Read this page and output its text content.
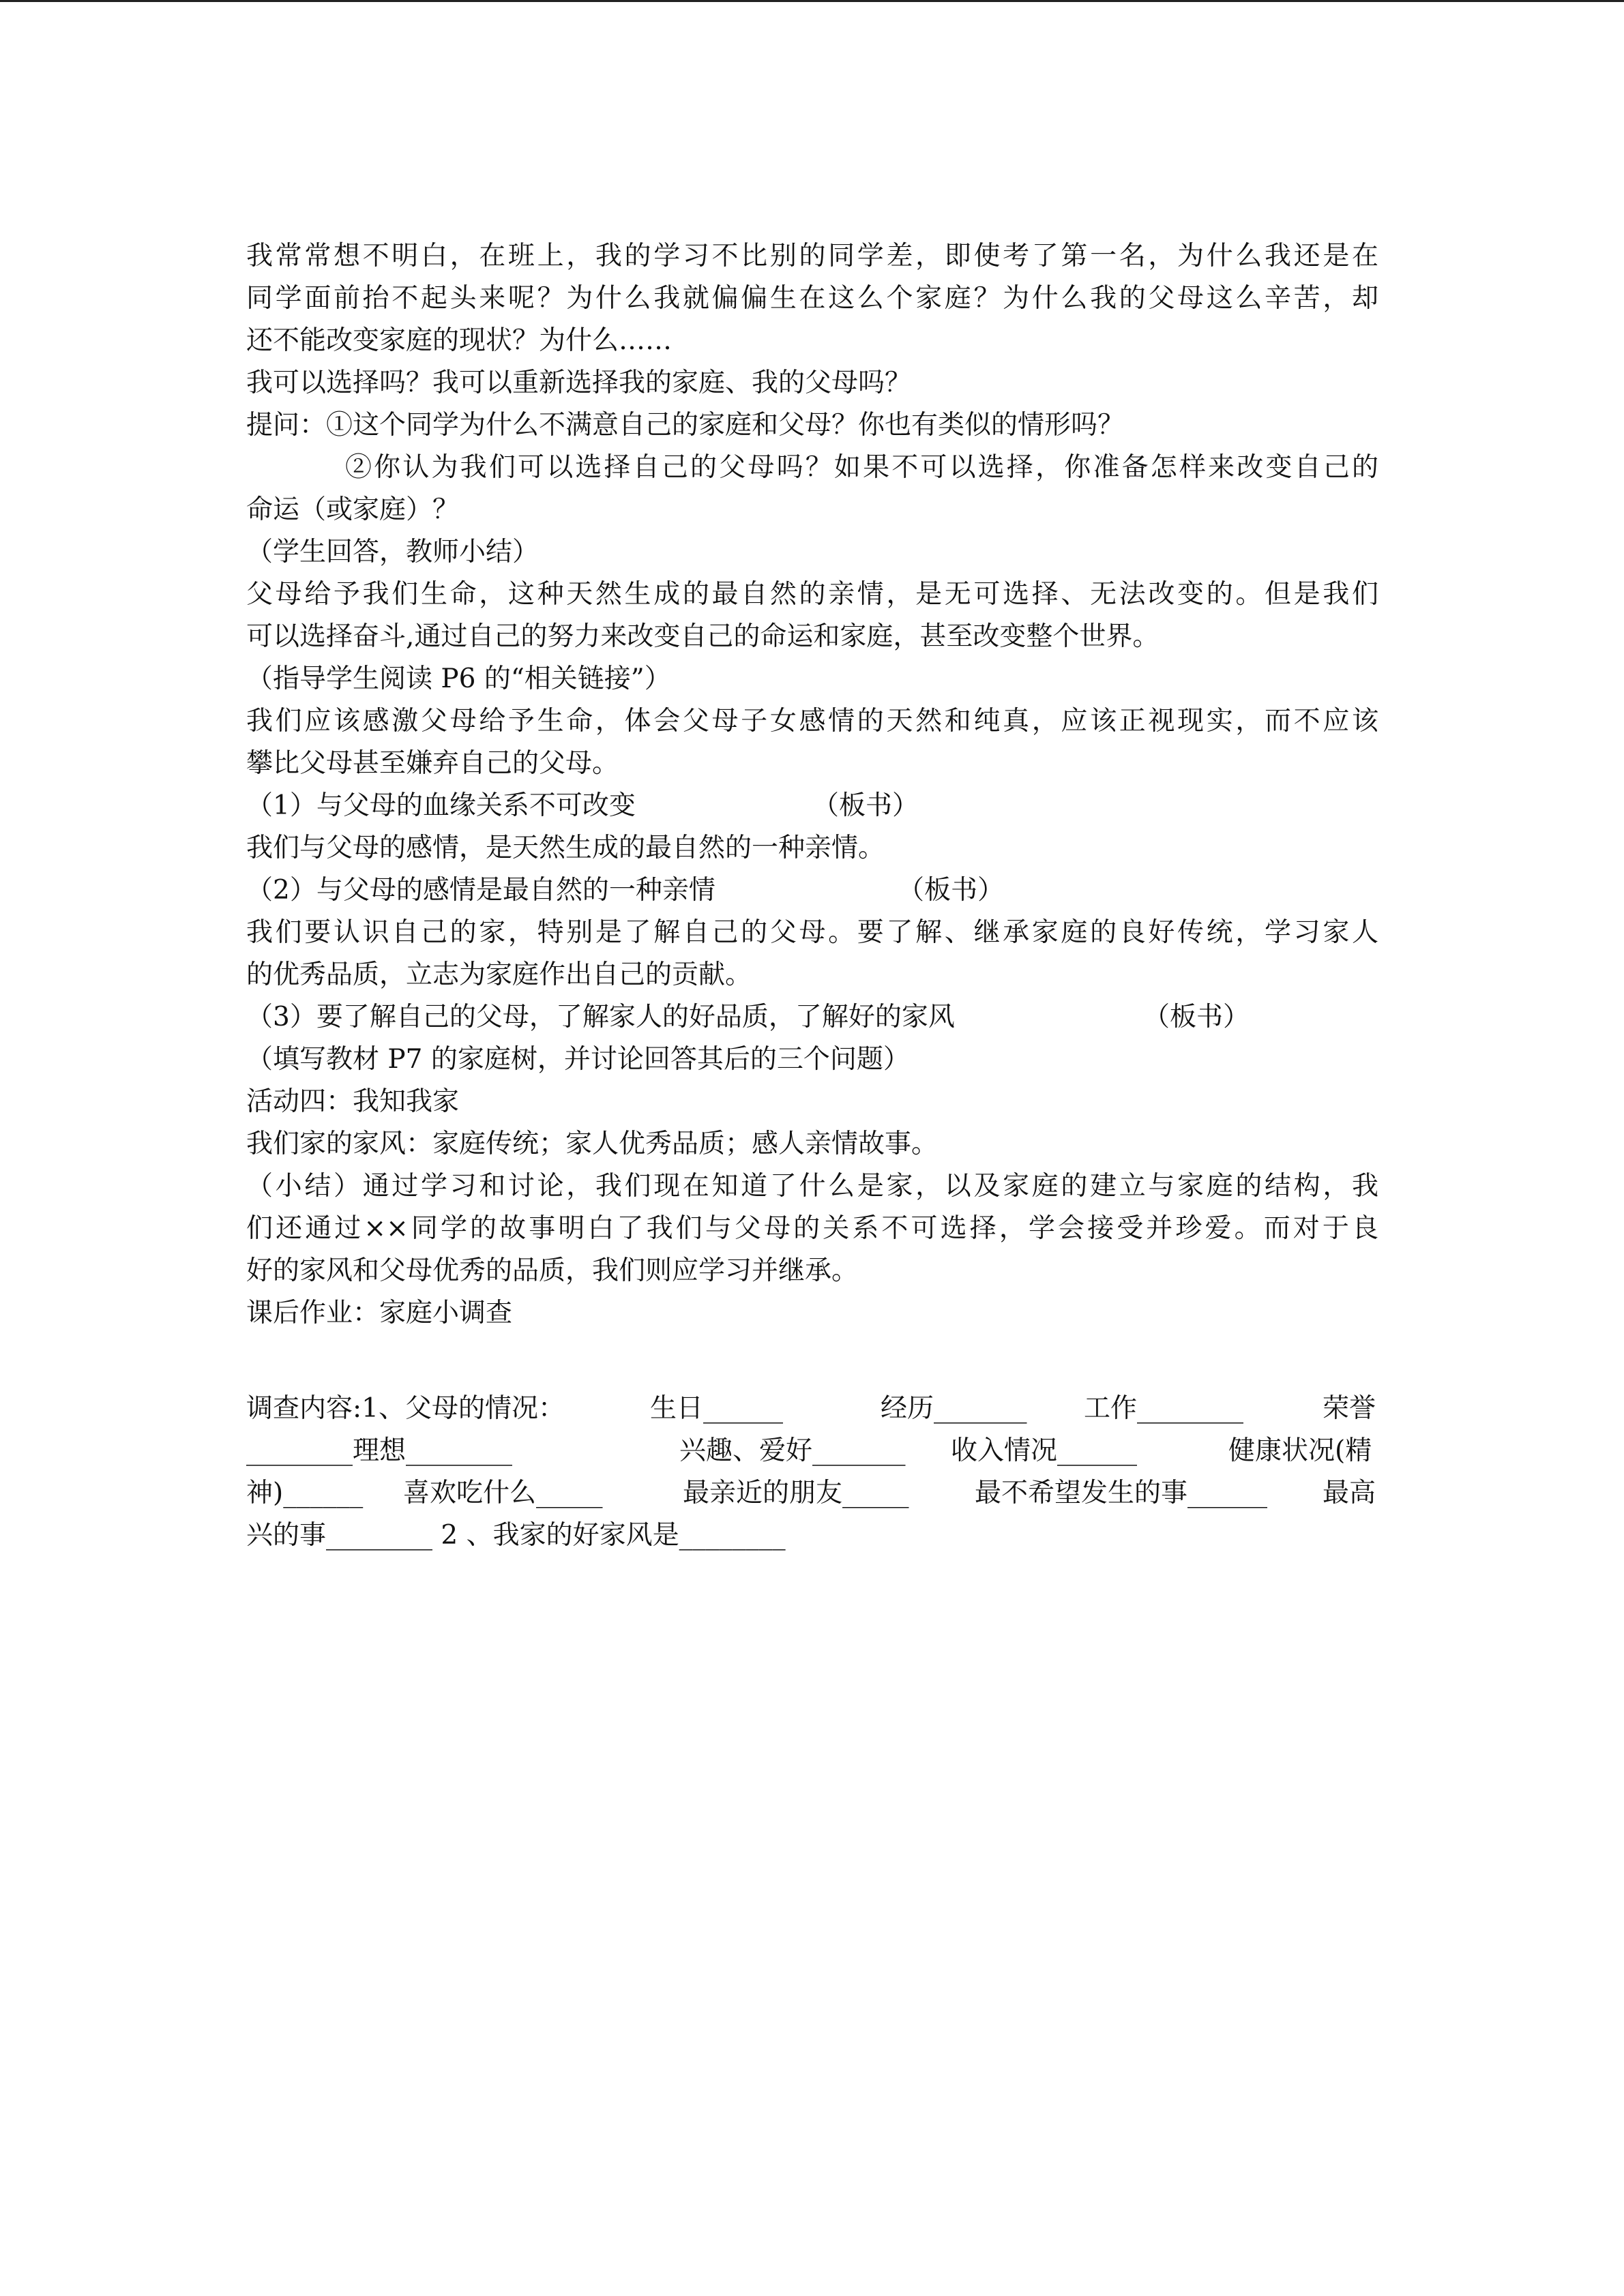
我常常想不明白，在班上，我的学习不比别的同学差，即使考了第一名，为什么我还是在
同学面前抬不起头来呢？为什么我就偏偏生在这么个家庭？为什么我的父母这么辛苦，却
还不能改变家庭的现状？为什么……
我可以选择吗？我可以重新选择我的家庭、我的父母吗？
提问：①这个同学为什么不满意自己的家庭和父母？你也有类似的情形吗？
②你认为我们可以选择自己的父母吗？如果不可以选择，你准备怎样来改变自己的
命运（或家庭）？
（学生回答，教师小结）
父母给予我们生命，这种天然生成的最自然的亲情，是无可选择、无法改变的。但是我们
可以选择奋斗,通过自己的努力来改变自己的命运和家庭，甚至改变整个世界。
（指导学生阅读 P6 的“相关链接”）
我们应该感激父母给予生命，体会父母子女感情的天然和纯真，应该正视现实，而不应该
攀比父母甚至嫌弃自己的父母。

（1）与父母的血缘关系不可改变

	（板书）

我们与父母的感情，是天然生成的最自然的一种亲情。

（2）与父母的感情是最自然的一种亲情

	（板书）

我们要认识自己的家，特别是了解自己的父母。要了解、继承家庭的良好传统，学习家人
的优秀品质，立志为家庭作出自己的贡献。

（3）要了解自己的父母，了解家人的好品质，了解好的家风

	（板书）

（填写教材 P7 的家庭树，并讨论回答其后的三个问题）
活动四：我知我家
我们家的家风：家庭传统；家人优秀品质；感人亲情故事。
（小结）通过学习和讨论，我们现在知道了什么是家，以及家庭的建立与家庭的结构，我
们还通过××同学的故事明白了我们与父母的关系不可选择，学会接受并珍爱。而对于良
好的家风和父母优秀的品质，我们则应学习并继承。
课后作业：家庭小调查

调查内容:1、父母的情况：

	生日______

	经历_______

工作________

	荣誉

________理想________

	兴趣、爱好_______

收入情况______

	健康状况(精

神)______

喜欢吃什么_____

	最亲近的朋友_____

最不希望发生的事______

最高

兴的事________ 2 、我家的好家风是________
